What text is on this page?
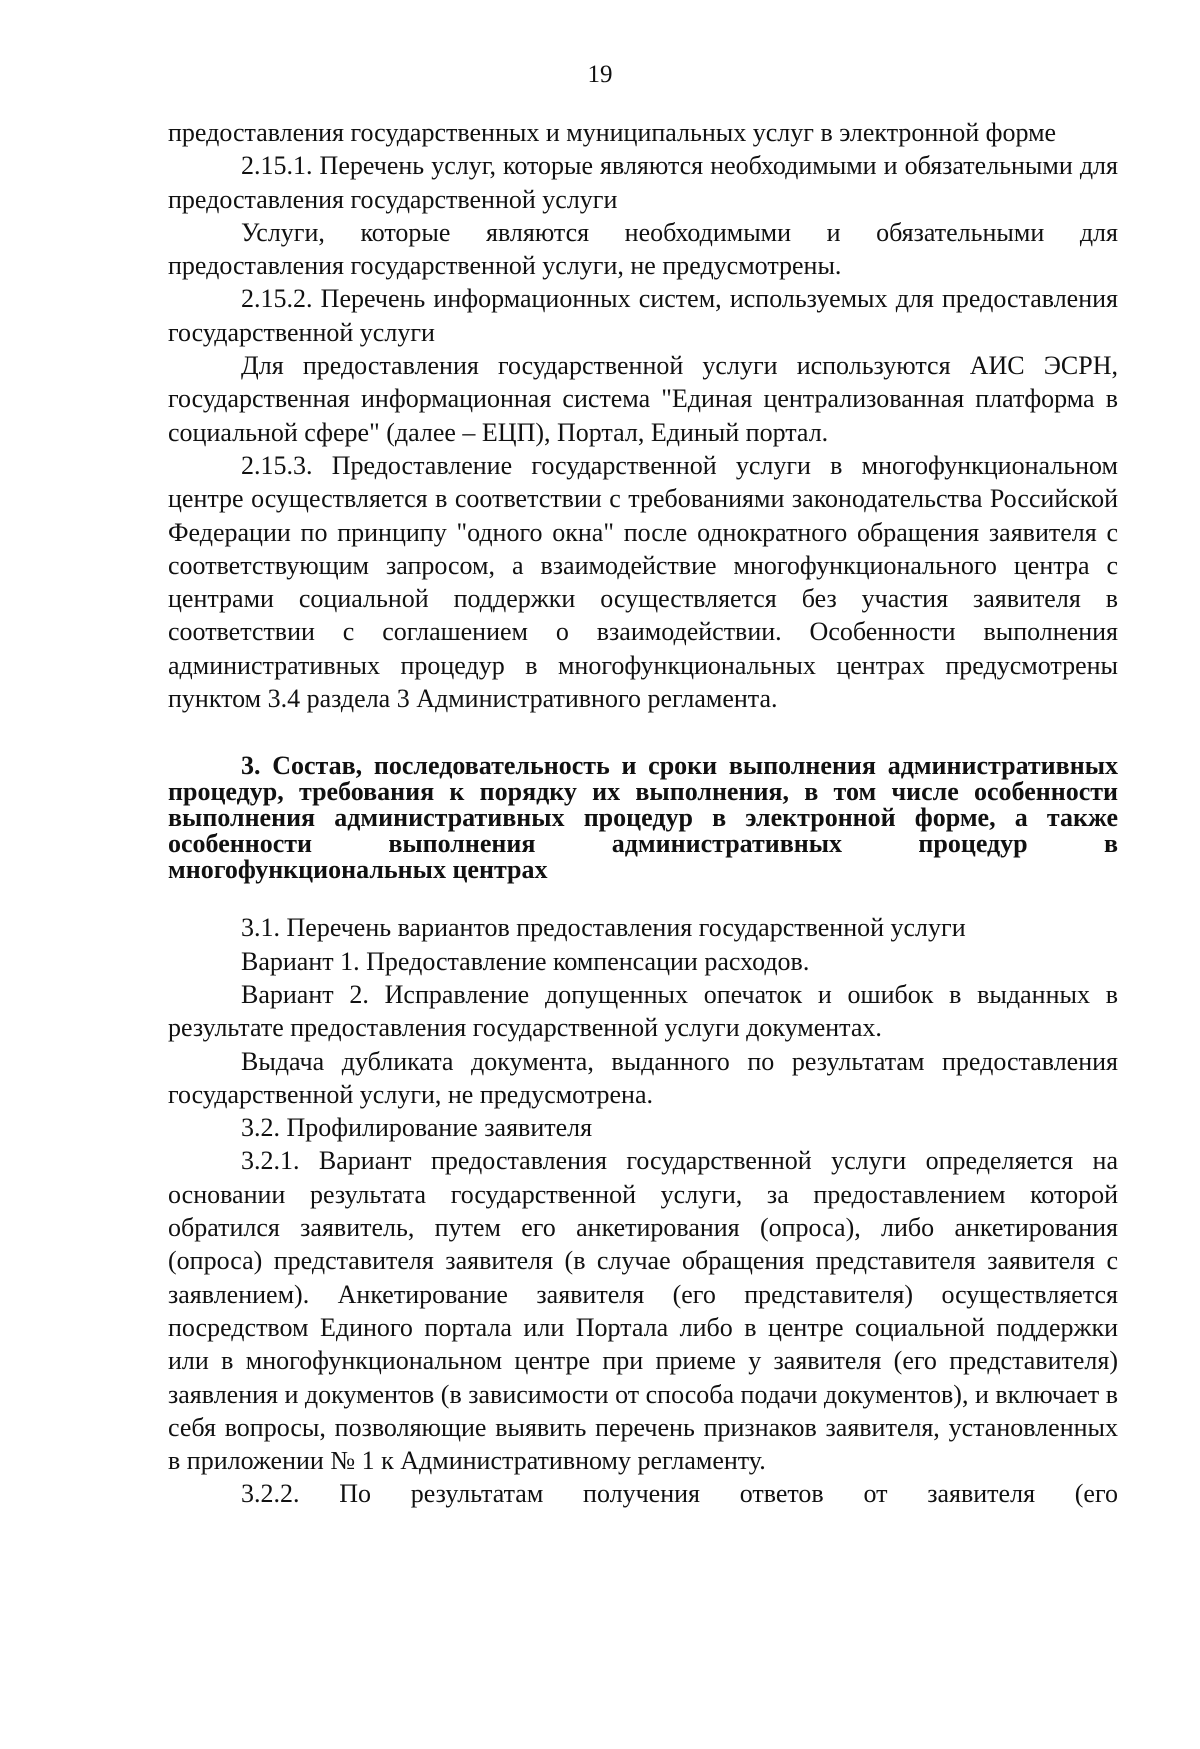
19

предоставления государственных и муниципальных услуг в электронной форме

2.15.1. Перечень услуг, которые являются необходимыми и обязательными для предоставления государственной услуги

Услуги, которые являются необходимыми и обязательными для предоставления государственной услуги, не предусмотрены.

2.15.2. Перечень информационных систем, используемых для предоставления государственной услуги

Для предоставления государственной услуги используются АИС ЭСРН, государственная информационная система "Единая централизованная платформа в социальной сфере" (далее – ЕЦП), Портал, Единый портал.

2.15.3. Предоставление государственной услуги в многофункциональном центре осуществляется в соответствии с требованиями законодательства Российской Федерации по принципу "одного окна" после однократного обращения заявителя с соответствующим запросом, а взаимодействие многофункционального центра с центрами социальной поддержки осуществляется без участия заявителя в соответствии с соглашением о взаимодействии. Особенности выполнения административных процедур в многофункциональных центрах предусмотрены пунктом 3.4 раздела 3 Административного регламента.

3. Состав, последовательность и сроки выполнения административных процедур, требования к порядку их выполнения, в том числе особенности выполнения административных процедур в электронной форме, а также особенности выполнения административных процедур в многофункциональных центрах

3.1. Перечень вариантов предоставления государственной услуги

Вариант 1. Предоставление компенсации расходов.

Вариант 2. Исправление допущенных опечаток и ошибок в выданных в результате предоставления государственной услуги документах.

Выдача дубликата документа, выданного по результатам предоставления государственной услуги, не предусмотрена.

3.2. Профилирование заявителя

3.2.1. Вариант предоставления государственной услуги определяется на основании результата государственной услуги, за предоставлением которой обратился заявитель, путем его анкетирования (опроса), либо анкетирования (опроса) представителя заявителя (в случае обращения представителя заявителя с заявлением). Анкетирование заявителя (его представителя) осуществляется посредством Единого портала или Портала либо в центре социальной поддержки или в многофункциональном центре при приеме у заявителя (его представителя) заявления и документов (в зависимости от способа подачи документов), и включает в себя вопросы, позволяющие выявить перечень признаков заявителя, установленных в приложении № 1 к Административному регламенту.

3.2.2. По результатам получения ответов от заявителя (его
